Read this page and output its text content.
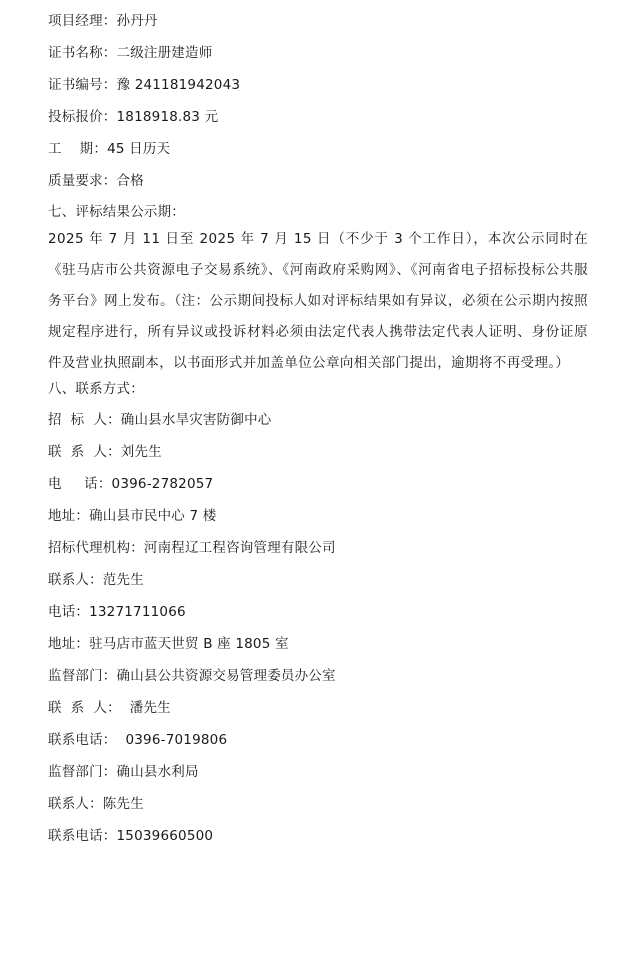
项目经理：孙丹丹
证书名称：二级注册建造师
证书编号：豫 241181942043
投标报价：1818918.83 元
工    期：45 日历天
质量要求：合格
七、评标结果公示期：
2025 年 7 月 11 日至 2025 年 7 月 15 日（不少于 3 个工作日），本次公示同时在《驻马店市公共资源电子交易系统》、《河南政府采购网》、《河南省电子招标投标公共服务平台》网上发布。（注：公示期间投标人如对评标结果如有异议，必须在公示期内按照规定程序进行，所有异议或投诉材料必须由法定代表人携带法定代表人证明、身份证原件及营业执照副本，以书面形式并加盖单位公章向相关部门提出，逾期将不再受理。）
八、联系方式：
招  标  人：确山县水旱灾害防御中心
联  系  人：刘先生
电     话：0396-2782057
地址：确山县市民中心 7 楼
招标代理机构：河南程辽工程咨询管理有限公司
联系人：范先生
电话：13271711066
地址：驻马店市蓝天世贸 B 座 1805 室
监督部门：确山县公共资源交易管理委员办公室
联  系  人：  潘先生
联系电话：  0396-7019806
监督部门：确山县水利局
联系人：陈先生
联系电话：15039660500
